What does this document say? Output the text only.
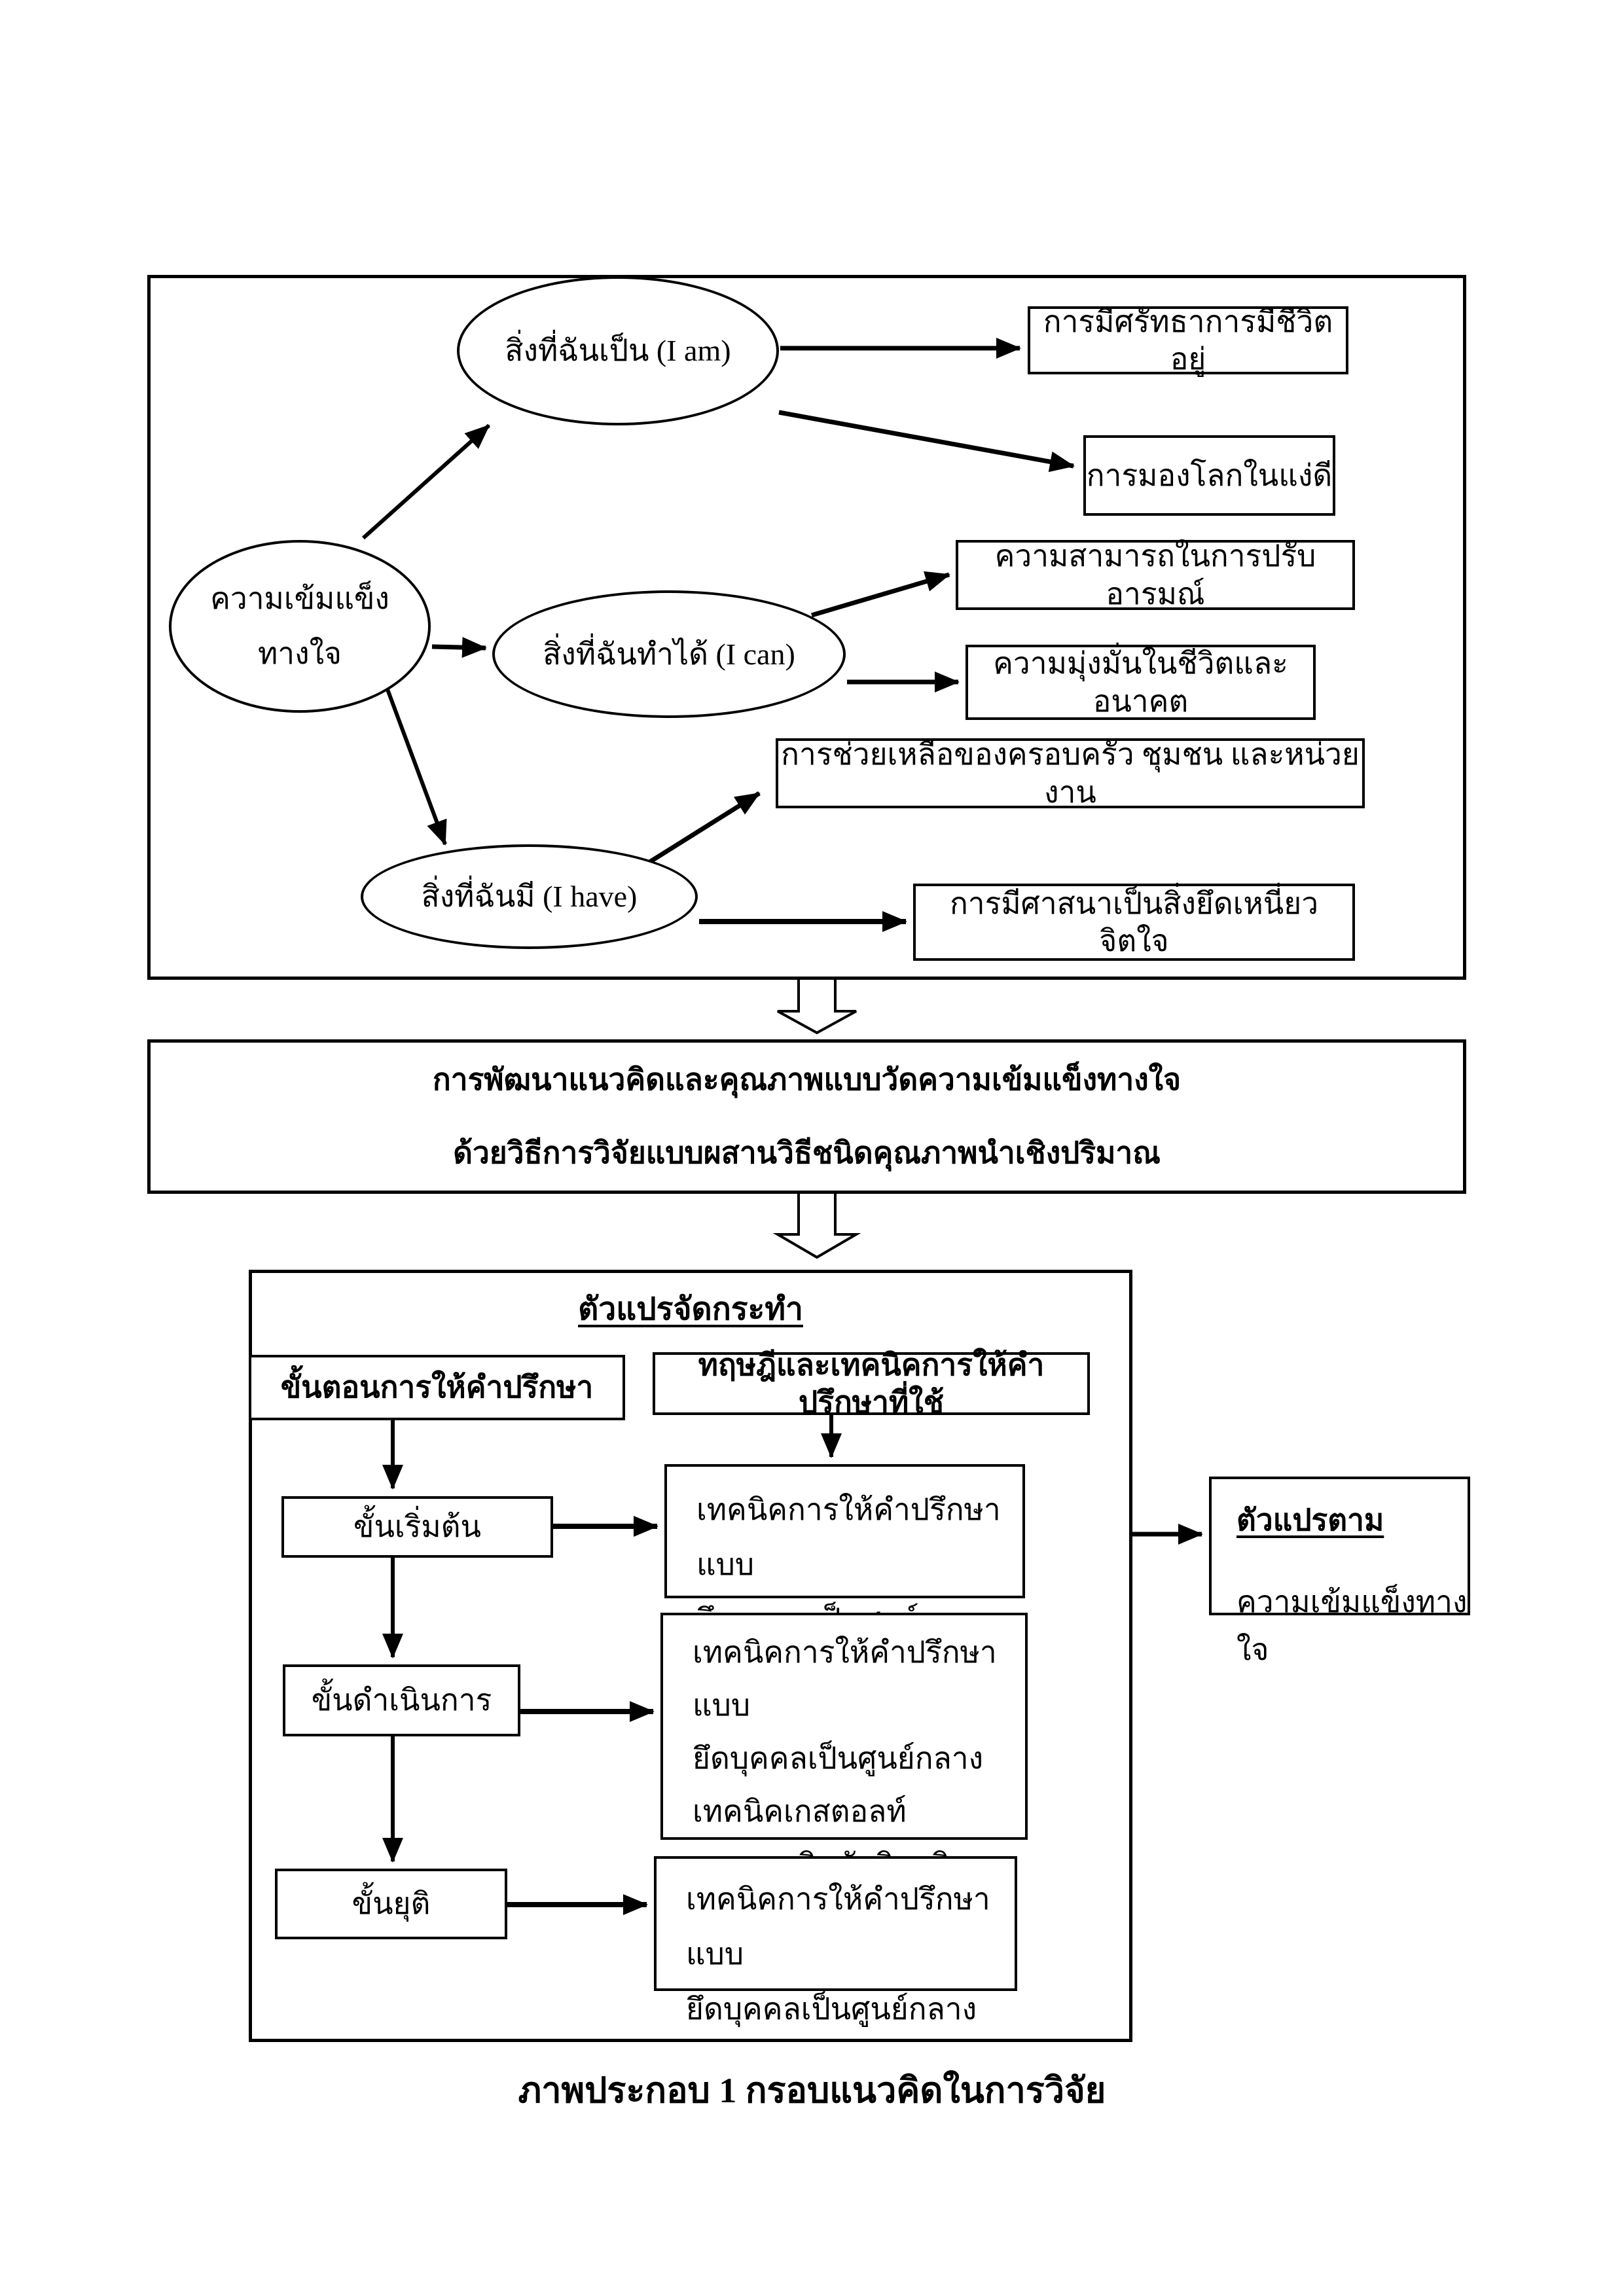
ความเข้มแข็ง
ทางใจ
สิ่งที่ฉันเป็น (I am)
สิ่งที่ฉันทำได้ (I can)
สิ่งที่ฉันมี (I have)
การมีศรัทธาการมีชีวิตอยู่
การมองโลกในแง่ดี
ความสามารถในการปรับอารมณ์
ความมุ่งมั่นในชีวิตและอนาคต
การช่วยเหลือของครอบครัว ชุมชน และหน่วยงาน
การมีศาสนาเป็นสิ่งยึดเหนี่ยวจิตใจ
การพัฒนาแนวคิดและคุณภาพแบบวัดความเข้มแข็งทางใจ
ด้วยวิธีการวิจัยแบบผสานวิธีชนิดคุณภาพนำเชิงปริมาณ
ตัวแปรจัดกระทำ
ขั้นตอนการให้คำปรึกษา
ทฤษฎีและเทคนิคการให้คำปรึกษาที่ใช้
ขั้นเริ่มต้น
เทคนิคการให้คำปรึกษาแบบ
ขั้นดำเนินการ
เทคนิคการให้คำปรึกษาแบบ
ยึดบุคคลเป็นศูนย์กลาง
เทคนิคเกสตอลท์
ขั้นยุติ	เทคนิคการให้คำปรึกษาแบบ
ยึดบุคคลเป็นศูนย์กลาง
ตัวแปรตาม
ความเข้มแข็งทางใจ
ภาพประกอบ 1 กรอบแนวคิดในการวิจัย
